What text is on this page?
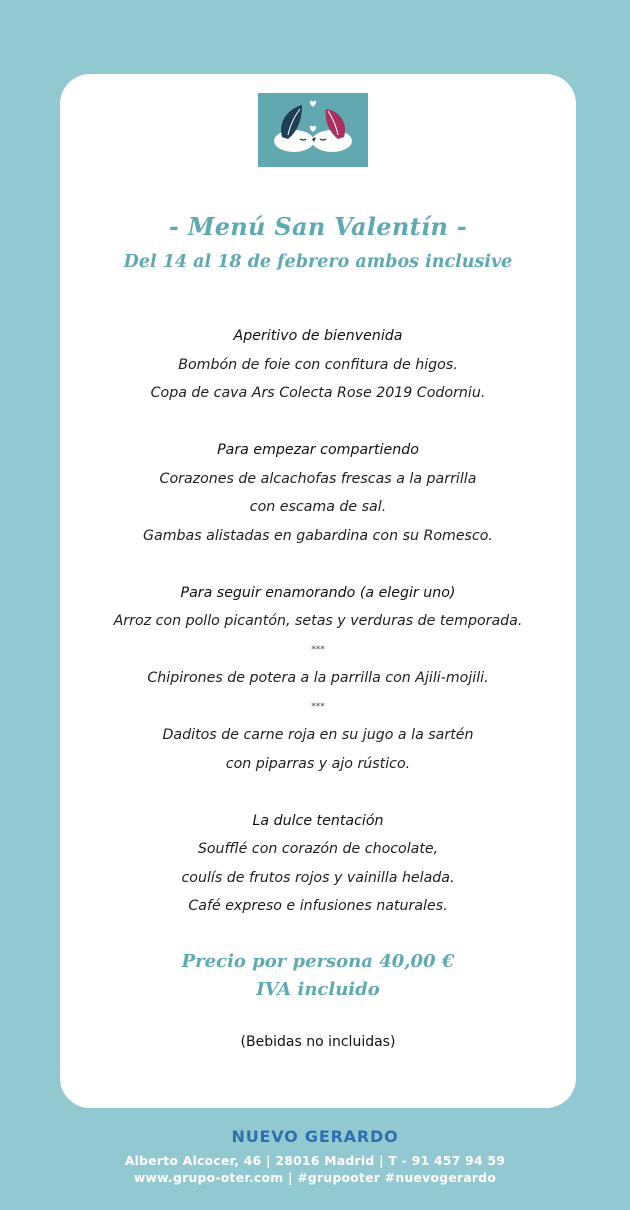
- Menú San Valentín -
Del 14 al 18 de febrero ambos inclusive
Aperitivo de bienvenida
Bombón de foie con confitura de higos.
Copa de cava Ars Colecta Rose 2019 Codorniu.
Para empezar compartiendo
Corazones de alcachofas frescas a la parrilla
con escama de sal.
Gambas alistadas en gabardina con su Romesco.
Para seguir enamorando (a elegir uno)
Arroz con pollo picantón, setas y verduras de temporada.
***
Chipirones de potera a la parrilla con Ajili-mojili.
***
Daditos de carne roja en su jugo a la sartén
con piparras y ajo rústico.
La dulce tentación
Soufflé con corazón de chocolate,
coulís de frutos rojos y vainilla helada.
Café expreso e infusiones naturales.
Precio por persona 40,00 €
IVA incluido
(Bebidas no incluidas)
NUEVO GERARDO
Alberto Alcocer, 46 | 28016 Madrid | T - 91 457 94 59
www.grupo-oter.com | #grupooter #nuevogerardo
